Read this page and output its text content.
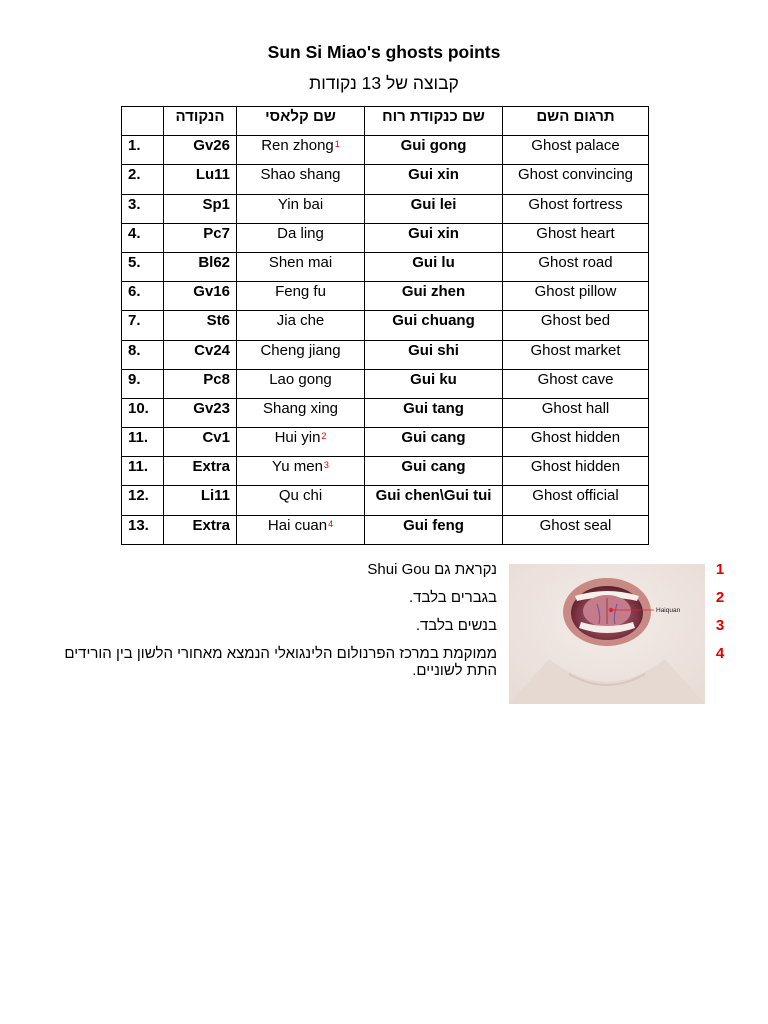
Sun Si Miao's ghosts points
קבוצה של 13 נקודות
	הנקודה	שם קלאסי	שם כנקודת רוח	תרגום השם
1.	Gv26	Ren zhong$^1$	Gui gong	Ghost palace
2.	Lu11	Shao shang	Gui xin	Ghost convincing
3.	Sp1	Yin bai	Gui lei	Ghost fortress
4.	Pc7	Da ling	Gui xin	Ghost heart
5.	Bl62	Shen mai	Gui lu	Ghost road
6.	Gv16	Feng fu	Gui zhen	Ghost pillow
7.	St6	Jia che	Gui chuang	Ghost bed
8.	Cv24	Cheng jiang	Gui shi	Ghost market
9.	Pc8	Lao gong	Gui ku	Ghost cave
10.	Gv23	Shang xing	Gui tang	Ghost hall
11.	Cv1	Hui yin$^2$	Gui cang	Ghost hidden
11.	Extra	Yu men$^3$	Gui cang	Ghost hidden
12.	Li11	Qu chi	Gui chen\Gui tui	Ghost official
13.	Extra	Hai cuan$^4$	Gui feng	Ghost seal
Haiquan
1
נקראת גם Shui Gou
2
בגברים בלבד.
3
בנשים בלבד.
4
ממוקמת במרכז הפרנולום הלינגואלי הנמצא מאחורי הלשון בין הורידים התת לשוניים.
